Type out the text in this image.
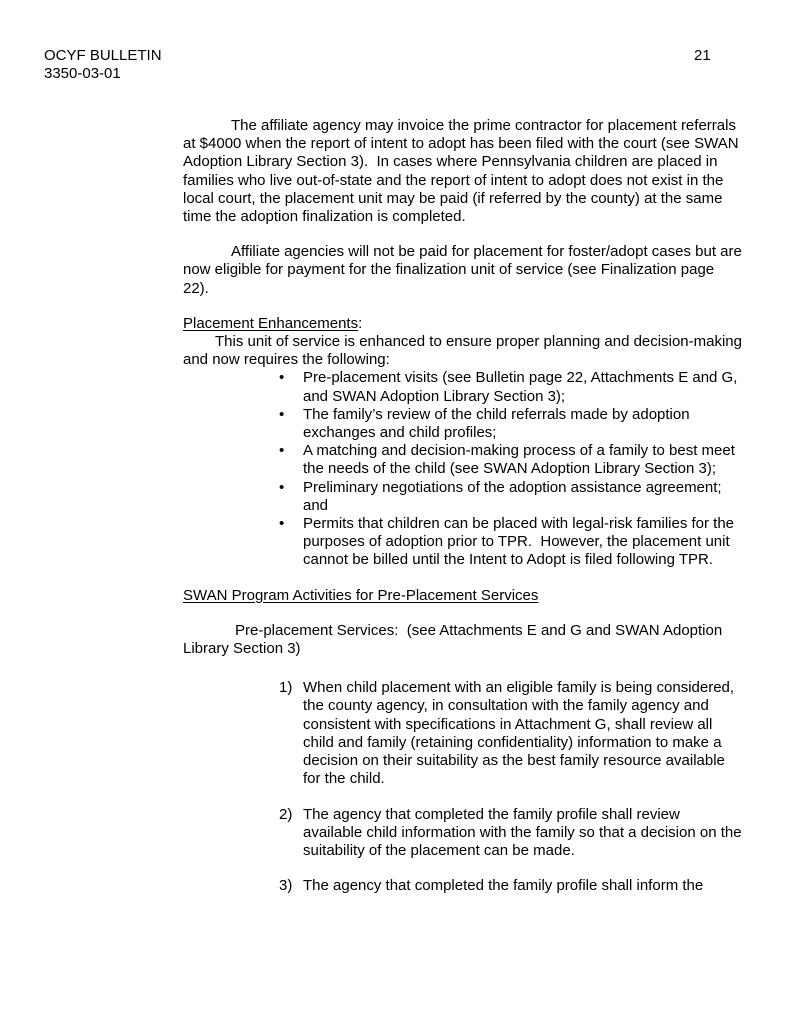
OCYF BULLETIN
3350-03-01
21

The affiliate agency may invoice the prime contractor for placement referrals at $4000 when the report of intent to adopt has been filed with the court (see SWAN Adoption Library Section 3).  In cases where Pennsylvania children are placed in families who live out-of-state and the report of intent to adopt does not exist in the local court, the placement unit may be paid (if referred by the county) at the same time the adoption finalization is completed.

Affiliate agencies will not be paid for placement for foster/adopt cases but are now eligible for payment for the finalization unit of service (see Finalization page 22).

Placement Enhancements:

This unit of service is enhanced to ensure proper planning and decision-making and now requires the following:

•	Pre-placement visits (see Bulletin page 22, Attachments E and G, and SWAN Adoption Library Section 3);
•	The family’s review of the child referrals made by adoption exchanges and child profiles;
•	A matching and decision-making process of a family to best meet the needs of the child (see SWAN Adoption Library Section 3);
•	Preliminary negotiations of the adoption assistance agreement; and
•	Permits that children can be placed with legal-risk families for the purposes of adoption prior to TPR.  However, the placement unit cannot be billed until the Intent to Adopt is filed following TPR.

SWAN Program Activities for Pre-Placement Services

Pre-placement Services:  (see Attachments E and G and SWAN Adoption Library Section 3)

1) When child placement with an eligible family is being considered, the county agency, in consultation with the family agency and consistent with specifications in Attachment G, shall review all child and family (retaining confidentiality) information to make a decision on their suitability as the best family resource available for the child.
2) The agency that completed the family profile shall review available child information with the family so that a decision on the suitability of the placement can be made.
3) The agency that completed the family profile shall inform the
